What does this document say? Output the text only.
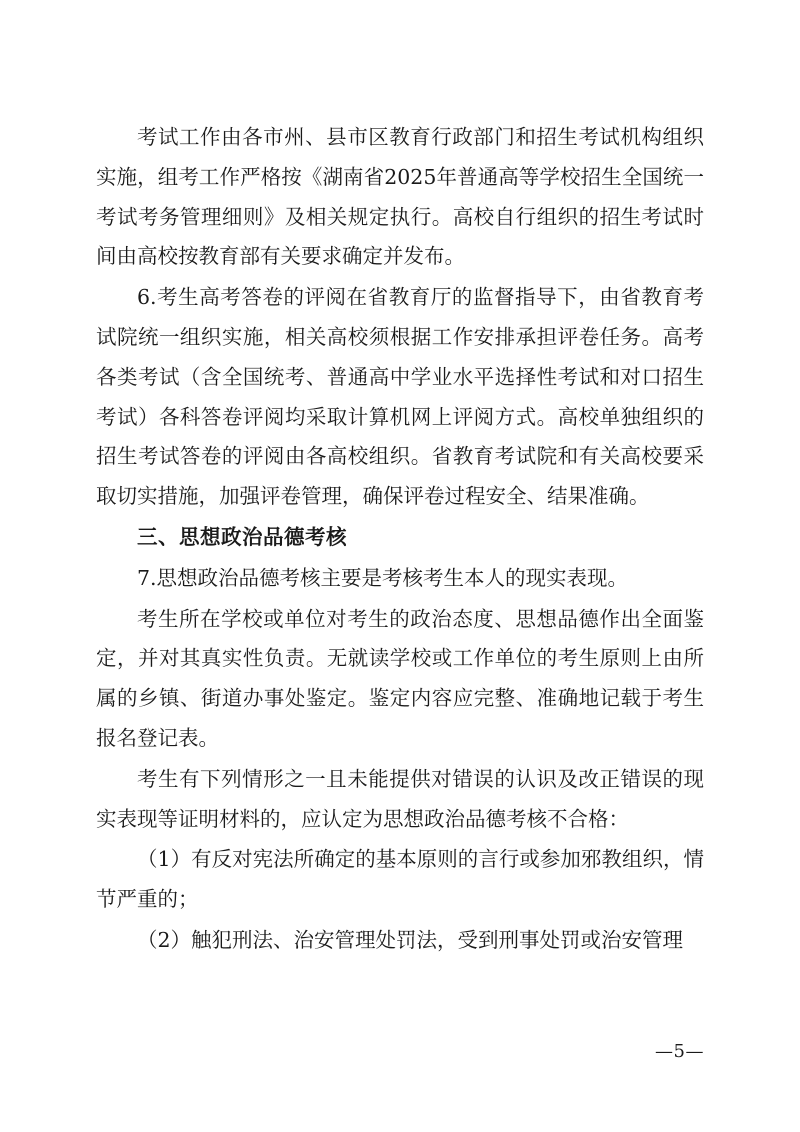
考试工作由各市州、县市区教育行政部门和招生考试机构组织实施，组考工作严格按《湖南省2025年普通高等学校招生全国统一考试考务管理细则》及相关规定执行。高校自行组织的招生考试时间由高校按教育部有关要求确定并发布。

6.考生高考答卷的评阅在省教育厅的监督指导下，由省教育考试院统一组织实施，相关高校须根据工作安排承担评卷任务。高考各类考试（含全国统考、普通高中学业水平选择性考试和对口招生考试）各科答卷评阅均采取计算机网上评阅方式。高校单独组织的招生考试答卷的评阅由各高校组织。省教育考试院和有关高校要采取切实措施，加强评卷管理，确保评卷过程安全、结果准确。

三、思想政治品德考核

7.思想政治品德考核主要是考核考生本人的现实表现。

考生所在学校或单位对考生的政治态度、思想品德作出全面鉴定，并对其真实性负责。无就读学校或工作单位的考生原则上由所属的乡镇、街道办事处鉴定。鉴定内容应完整、准确地记载于考生报名登记表。

考生有下列情形之一且未能提供对错误的认识及改正错误的现实表现等证明材料的，应认定为思想政治品德考核不合格：

（1）有反对宪法所确定的基本原则的言行或参加邪教组织，情节严重的；

（2）触犯刑法、治安管理处罚法，受到刑事处罚或治安管理

—5—
